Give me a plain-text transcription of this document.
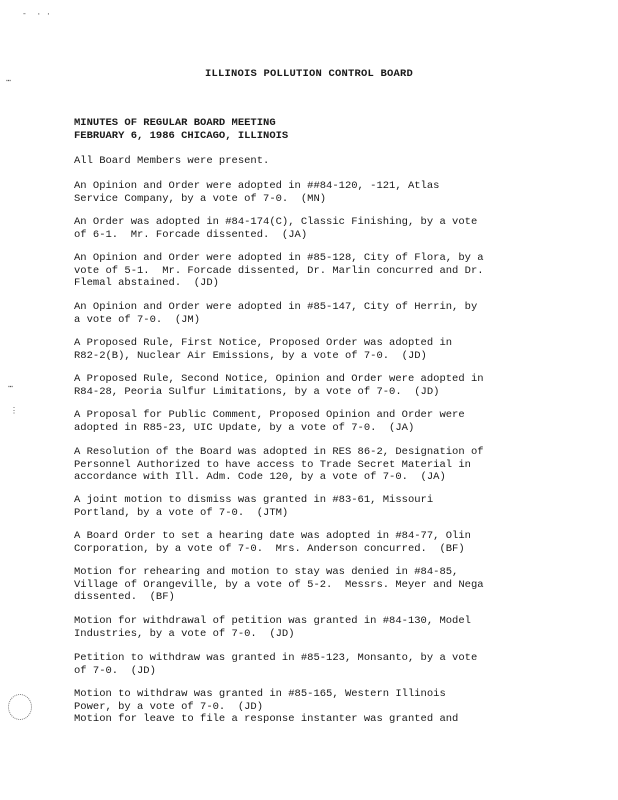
-  · ·
⋯
⋯
⋮
ILLINOIS POLLUTION CONTROL BOARD
MINUTES OF REGULAR BOARD MEETING
FEBRUARY 6, 1986 CHICAGO, ILLINOIS
All Board Members were present.
An Opinion and Order were adopted in ##84-120, -121, Atlas
Service Company, by a vote of 7-0.  (MN)
An Order was adopted in #84-174(C), Classic Finishing, by a vote
of 6-1.  Mr. Forcade dissented.  (JA)
An Opinion and Order were adopted in #85-128, City of Flora, by a
vote of 5-1.  Mr. Forcade dissented, Dr. Marlin concurred and Dr.
Flemal abstained.  (JD)
An Opinion and Order were adopted in #85-147, City of Herrin, by
a vote of 7-0.  (JM)
A Proposed Rule, First Notice, Proposed Order was adopted in
R82-2(B), Nuclear Air Emissions, by a vote of 7-0.  (JD)
A Proposed Rule, Second Notice, Opinion and Order were adopted in
R84-28, Peoria Sulfur Limitations, by a vote of 7-0.  (JD)
A Proposal for Public Comment, Proposed Opinion and Order were
adopted in R85-23, UIC Update, by a vote of 7-0.  (JA)
A Resolution of the Board was adopted in RES 86-2, Designation of
Personnel Authorized to have access to Trade Secret Material in
accordance with Ill. Adm. Code 120, by a vote of 7-0.  (JA)
A joint motion to dismiss was granted in #83-61, Missouri
Portland, by a vote of 7-0.  (JTM)
A Board Order to set a hearing date was adopted in #84-77, Olin
Corporation, by a vote of 7-0.  Mrs. Anderson concurred.  (BF)
Motion for rehearing and motion to stay was denied in #84-85,
Village of Orangeville, by a vote of 5-2.  Messrs. Meyer and Nega
dissented.  (BF)
Motion for withdrawal of petition was granted in #84-130, Model
Industries, by a vote of 7-0.  (JD)
Petition to withdraw was granted in #85-123, Monsanto, by a vote
of 7-0.  (JD)
Motion to withdraw was granted in #85-165, Western Illinois
Power, by a vote of 7-0.  (JD)
Motion for leave to file a response instanter was granted and
